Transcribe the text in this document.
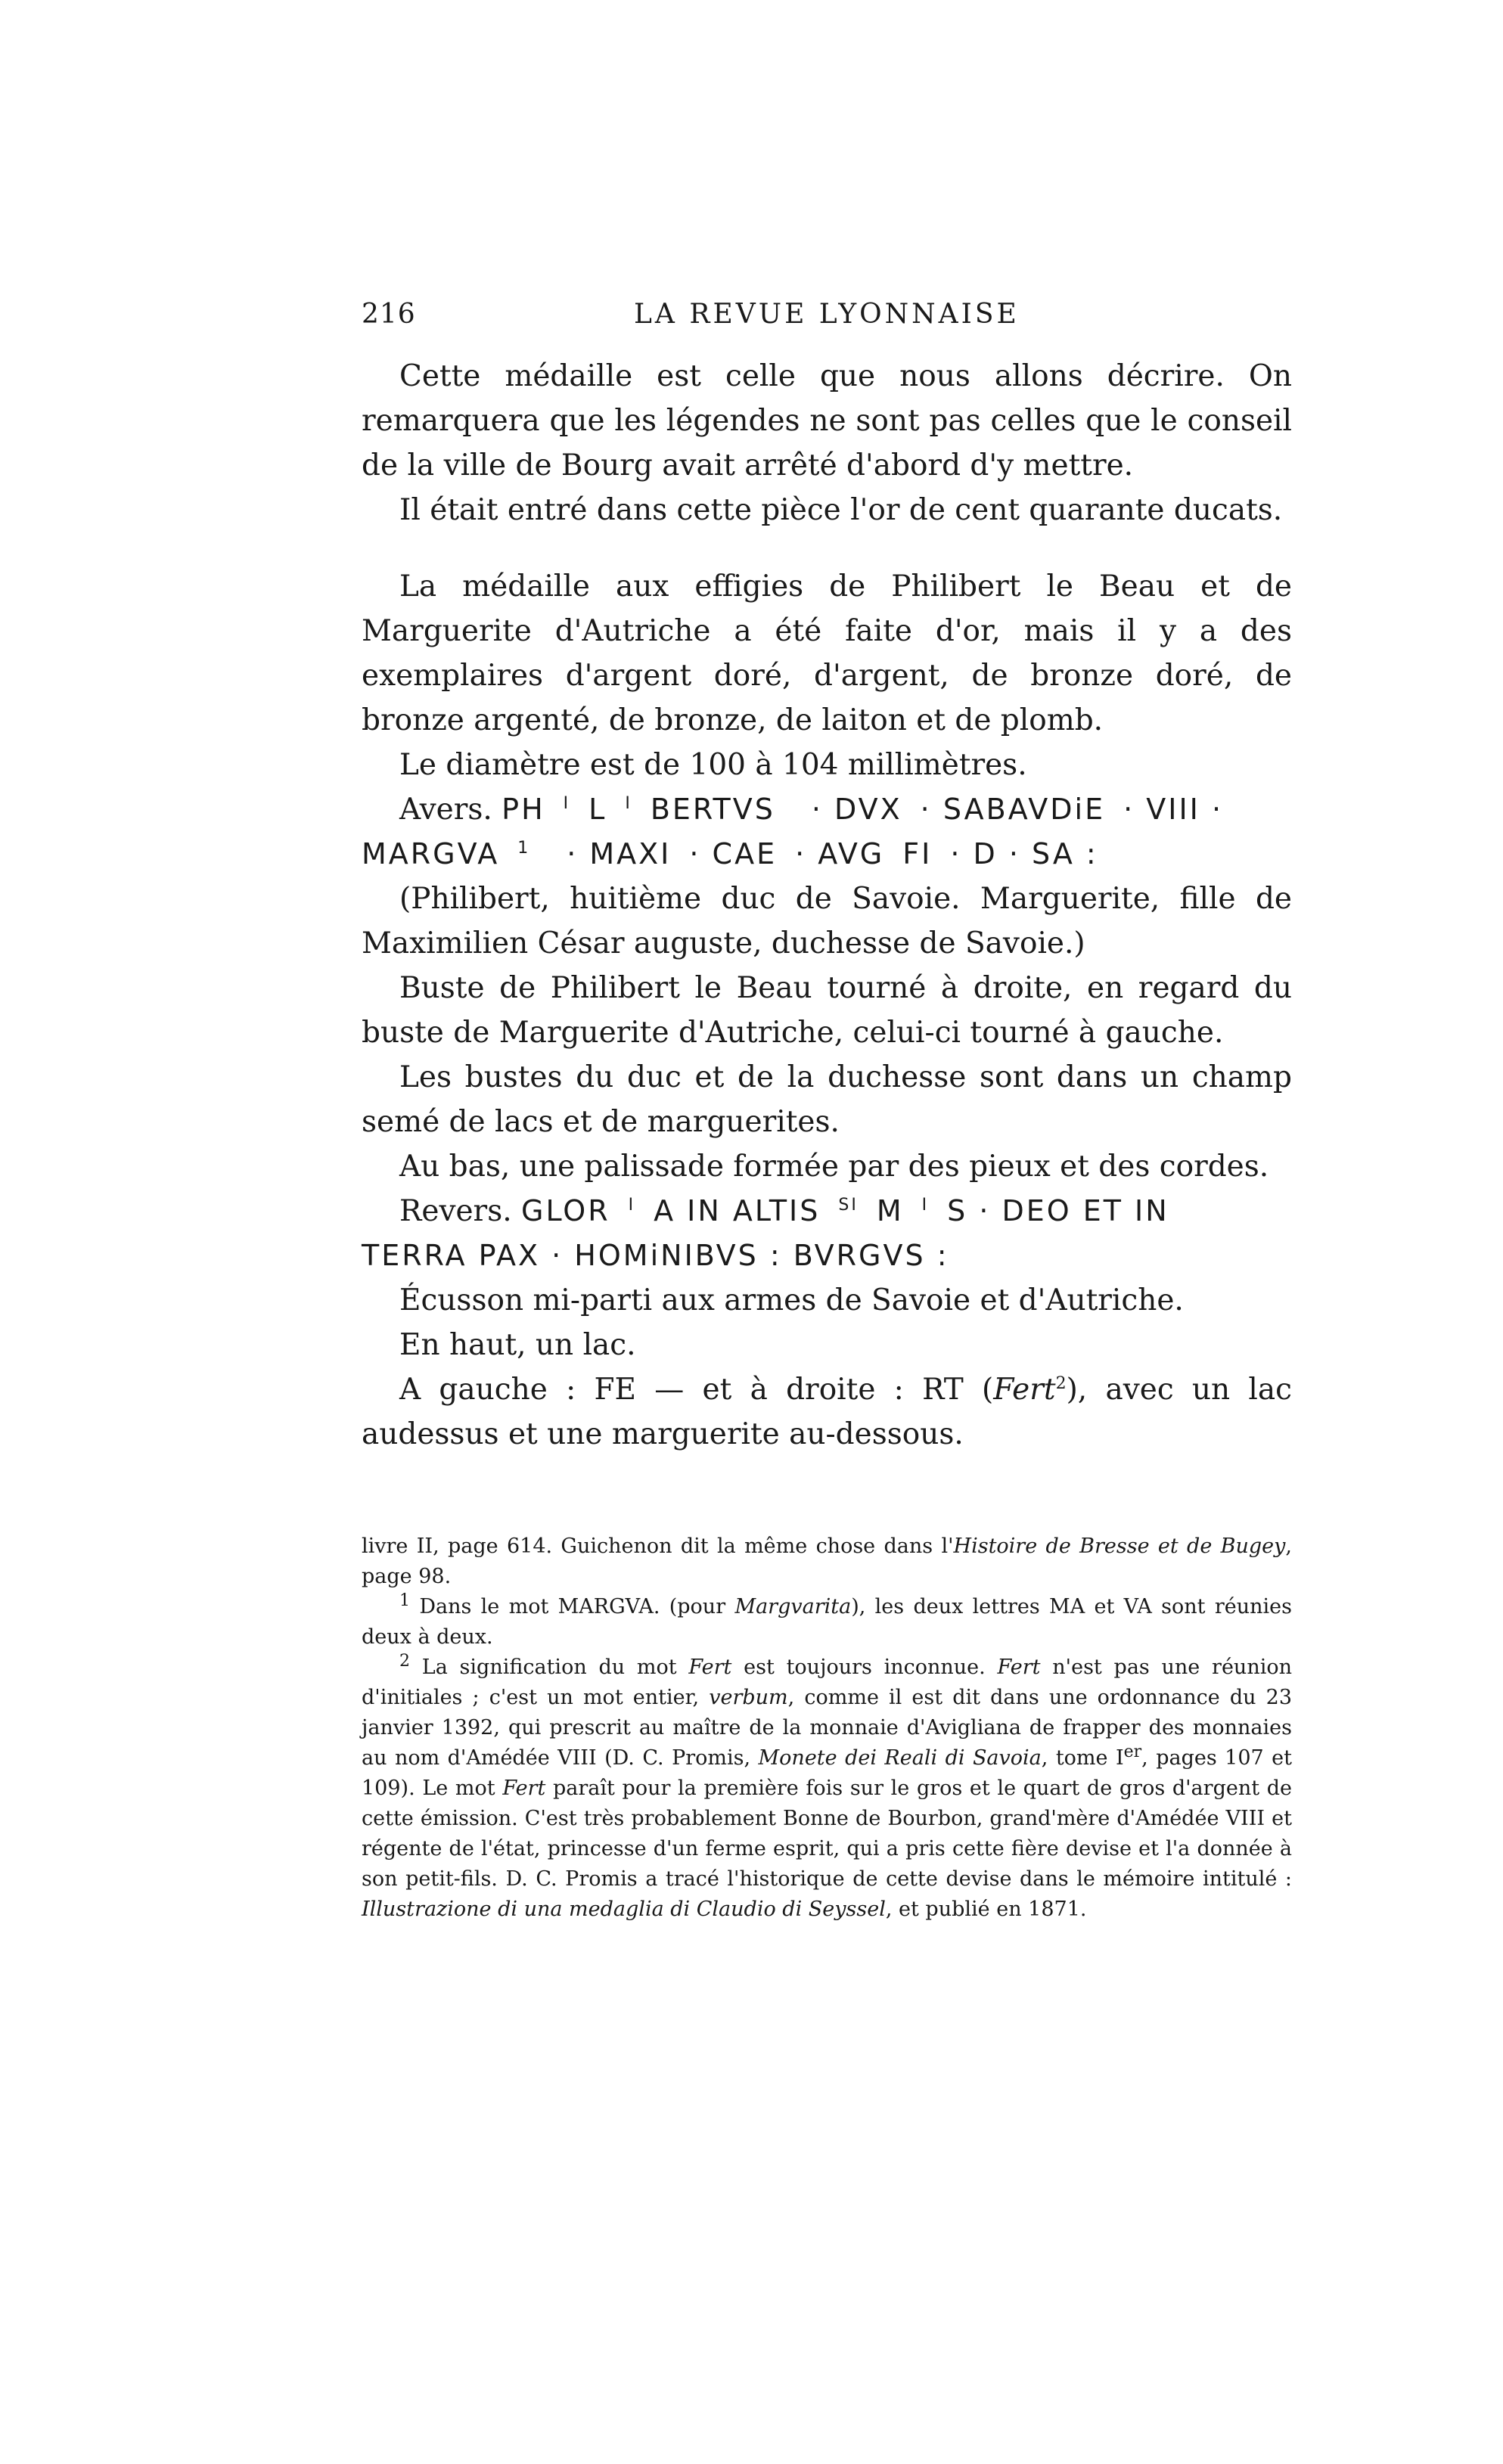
216	LA REVUE LYONNAISE

Cette médaille est celle que nous allons décrire. On remarquera que les légendes ne sont pas celles que le conseil de la ville de Bourg avait arrêté d'abord d'y mettre.

Il était entré dans cette pièce l'or de cent quarante ducats.

La médaille aux effigies de Philibert le Beau et de Marguerite d'Autriche a été faite d'or, mais il y a des exemplaires d'argent doré, d'argent, de bronze doré, de bronze argenté, de bronze, de laiton et de plomb.

Le diamètre est de 100 à 104 millimètres.

Avers. PH $^I$ L $^I$ BERTVS · DVX · SABAVDiE · VIII ·

MARGVA $^1$ · MAXI · CAE · AVG FI · D · SA :

(Philibert, huitième duc de Savoie. Marguerite, fille de Maximilien César auguste, duchesse de Savoie.)

Buste de Philibert le Beau tourné à droite, en regard du buste de Marguerite d'Autriche, celui-ci tourné à gauche.

Les bustes du duc et de la duchesse sont dans un champ semé de lacs et de marguerites.

Au bas, une palissade formée par des pieux et des cordes.

Revers. GLOR $^I$ A IN ALTIS $^{SI}$ M $^I$ S · DEO ET IN

TERRA PAX · HOMiNIBVS : BVRGVS :

Écusson mi-parti aux armes de Savoie et d'Autriche.

En haut, un lac.

A gauche : FE — et à droite : RT (Fert$^2$), avec un lac audessus et une marguerite au-dessous.

livre II, page 614. Guichenon dit la même chose dans l'Histoire de Bresse et de Bugey, page 98.

$^1$ Dans le mot MARGVA. (pour Margvarita), les deux lettres MA et VA sont réunies deux à deux.

$^2$ La signification du mot Fert est toujours inconnue. Fert n'est pas une réunion d'initiales ; c'est un mot entier, verbum, comme il est dit dans une ordonnance du 23 janvier 1392, qui prescrit au maître de la monnaie d'Avigliana de frapper des monnaies au nom d'Amédée VIII (D. C. Promis, Monete dei Reali di Savoia, tome Ier, pages 107 et 109). Le mot Fert paraît pour la première fois sur le gros et le quart de gros d'argent de cette émission. C'est très probablement Bonne de Bourbon, grand'mère d'Amédée VIII et régente de l'état, princesse d'un ferme esprit, qui a pris cette fière devise et l'a donnée à son petit-fils. D. C. Promis a tracé l'historique de cette devise dans le mémoire intitulé : Illustrazione di una medaglia di Claudio di Seyssel, et publié en 1871.
